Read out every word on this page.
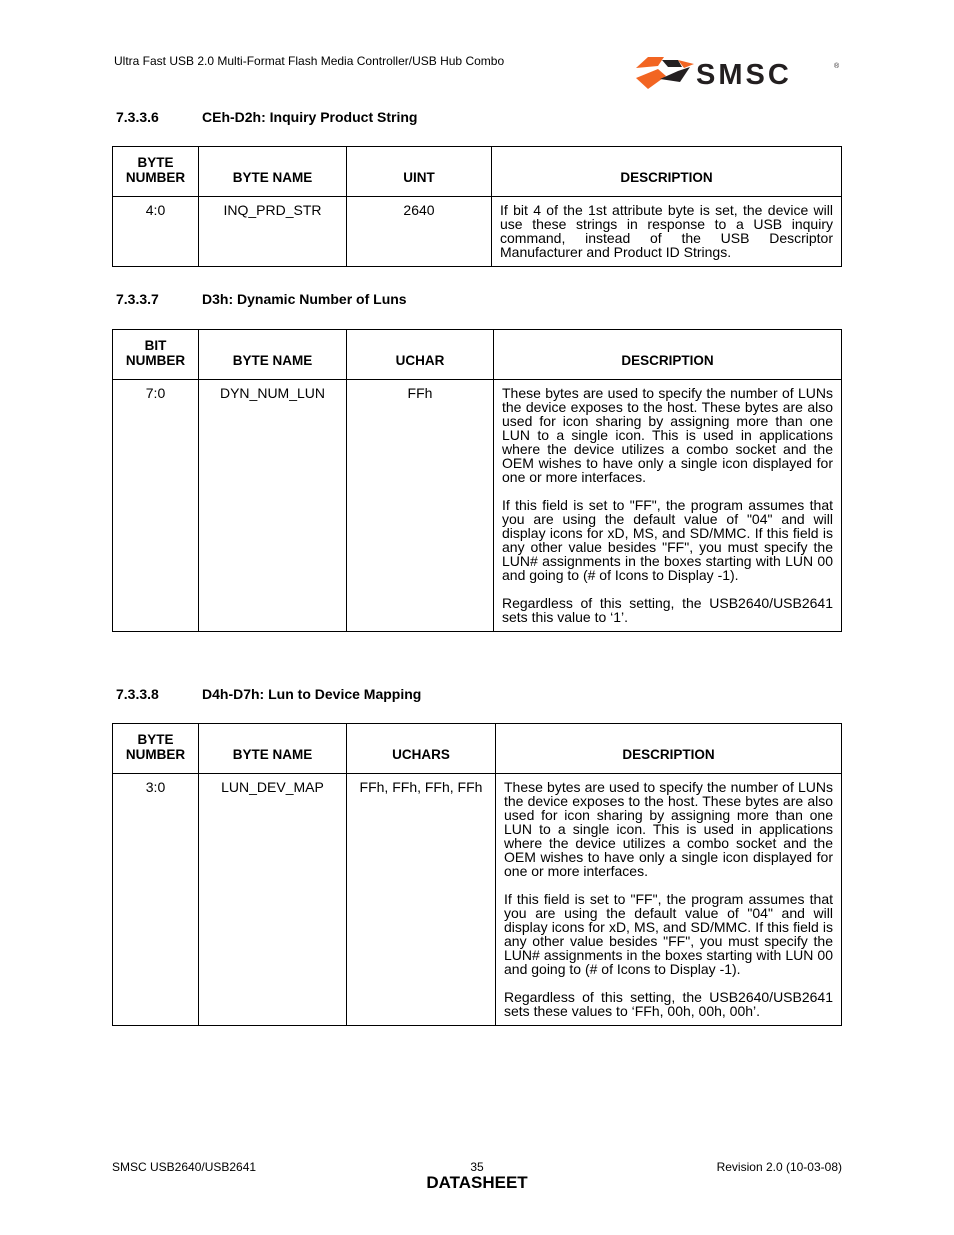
Ultra Fast USB 2.0 Multi-Format Flash Media Controller/USB Hub Combo	SMSC	®
7.3.3.6	CEh-D2h: Inquiry Product String
BYTE
NUMBER	BYTE NAME	UINT	DESCRIPTION
4:0	INQ_PRD_STR	2640	If bit 4 of the 1st attribute byte is set, the device will use these strings in response to a USB inquiry command, instead of the USB Descriptor Manufacturer and Product ID Strings.

7.3.3.7	D3h: Dynamic Number of Luns
BIT
NUMBER	BYTE NAME	UCHAR	DESCRIPTION
7:0	DYN_NUM_LUN	FFh	These bytes are used to specify the number of LUNs the device exposes to the host. These bytes are also used for icon sharing by assigning more than one LUN to a single icon. This is used in applications where the device utilizes a combo socket and the OEM wishes to have only a single icon displayed for one or more interfaces.

If this field is set to "FF", the program assumes that you are using the default value of "04" and will display icons for xD, MS, and SD/MMC. If this field is any other value besides "FF", you must specify the LUN# assignments in the boxes starting with LUN 00 and going to (# of Icons to Display -1).

Regardless of this setting, the USB2640/USB2641 sets this value to ‘1’.

7.3.3.8	D4h-D7h: Lun to Device Mapping
BYTE
NUMBER	BYTE NAME	UCHARS	DESCRIPTION
3:0	LUN_DEV_MAP	FFh, FFh, FFh, FFh	These bytes are used to specify the number of LUNs the device exposes to the host. These bytes are also used for icon sharing by assigning more than one LUN to a single icon. This is used in applications where the device utilizes a combo socket and the OEM wishes to have only a single icon displayed for one or more interfaces.

If this field is set to "FF", the program assumes that you are using the default value of "04" and will display icons for xD, MS, and SD/MMC. If this field is any other value besides "FF", you must specify the LUN# assignments in the boxes starting with LUN 00 and going to (# of Icons to Display -1).

Regardless of this setting, the USB2640/USB2641 sets these values to ‘FFh, 00h, 00h, 00h’.

SMSC USB2640/USB2641	35	Revision 2.0 (10-03-08)
DATASHEET
